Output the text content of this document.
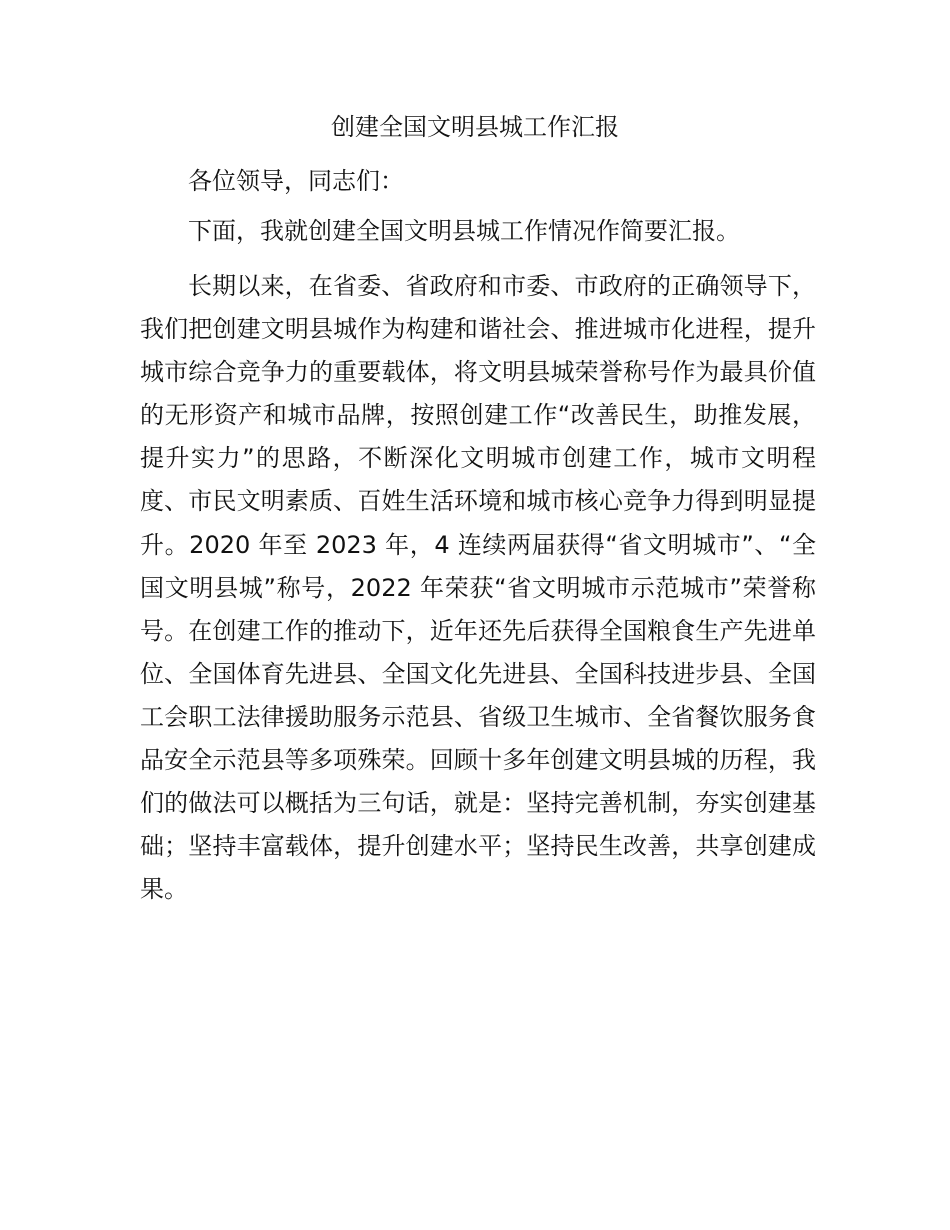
创建全国文明县城工作汇报

各位领导，同志们：

下面，我就创建全国文明县城工作情况作简要汇报。

长期以来，在省委、省政府和市委、市政府的正确领导下，我们把创建文明县城作为构建和谐社会、推进城市化进程，提升城市综合竞争力的重要载体，将文明县城荣誉称号作为最具价值的无形资产和城市品牌，按照创建工作“改善民生，助推发展，提升实力”的思路，不断深化文明城市创建工作，城市文明程度、市民文明素质、百姓生活环境和城市核心竞争力得到明显提升。2020 年至 2023 年，4 连续两届获得“省文明城市”、“全国文明县城”称号，2022 年荣获“省文明城市示范城市”荣誉称号。在创建工作的推动下，近年还先后获得全国粮食生产先进单位、全国体育先进县、全国文化先进县、全国科技进步县、全国工会职工法律援助服务示范县、省级卫生城市、全省餐饮服务食品安全示范县等多项殊荣。回顾十多年创建文明县城的历程，我们的做法可以概括为三句话，就是：坚持完善机制，夯实创建基础；坚持丰富载体，提升创建水平；坚持民生改善，共享创建成果。
